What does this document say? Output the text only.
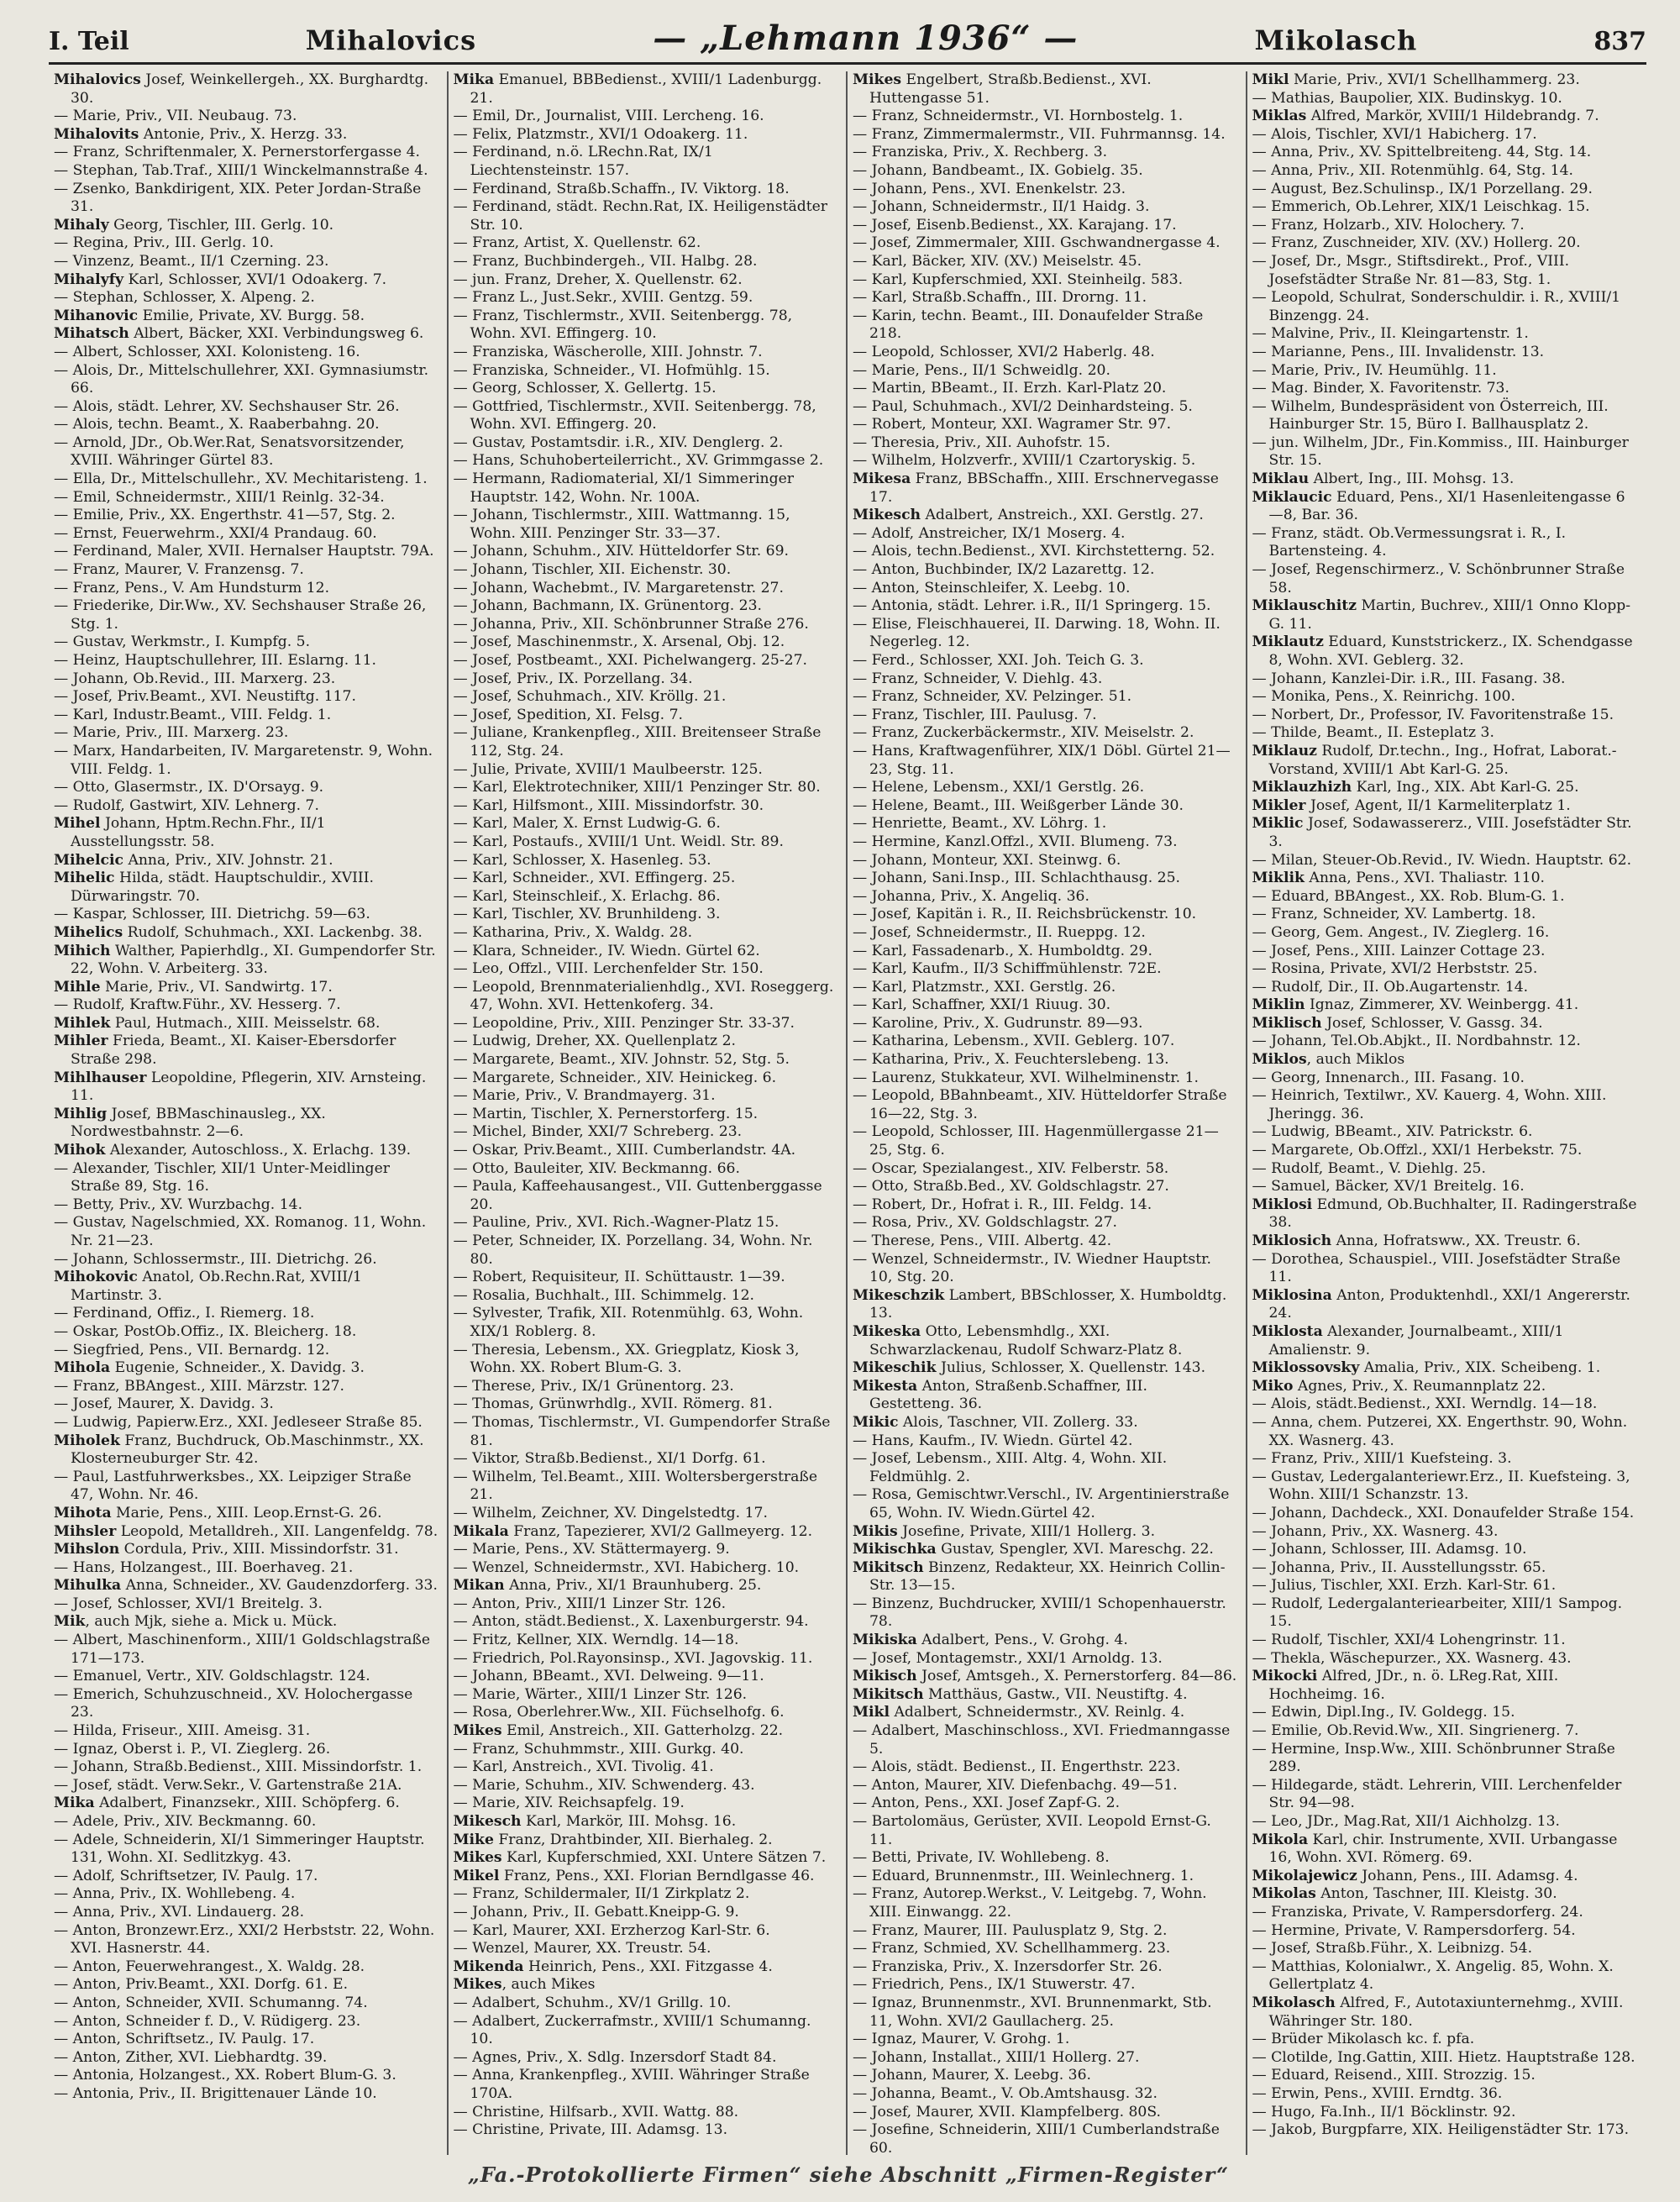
I. Teil	Mihalovics	— „Lehmann 1936“ —	Mikolasch	837

Mihalovics Josef, Weinkellergeh., XX. Burghardtg. 30.

— Marie, Priv., VII. Neubaug. 73.

Mihalovits Antonie, Priv., X. Herzg. 33.

— Franz, Schriftenmaler, X. Pernerstorfergasse 4.

— Stephan, Tab.Traf., XIII/1 Winckelmannstraße 4.

— Zsenko, Bankdirigent, XIX. Peter Jordan-Straße 31.

Mihaly Georg, Tischler, III. Gerlg. 10.

— Regina, Priv., III. Gerlg. 10.

— Vinzenz, Beamt., II/1 Czerning. 23.

Mihalyfy Karl, Schlosser, XVI/1 Odoakerg. 7.

— Stephan, Schlosser, X. Alpeng. 2.

Mihanovic Emilie, Private, XV. Burgg. 58.

Mihatsch Albert, Bäcker, XXI. Verbindungsweg 6.

— Albert, Schlosser, XXI. Kolonisteng. 16.

— Alois, Dr., Mittelschullehrer, XXI. Gymnasiumstr. 66.

— Alois, städt. Lehrer, XV. Sechshauser Str. 26.

— Alois, techn. Beamt., X. Raaberbahng. 20.

— Arnold, JDr., Ob.Wer.Rat, Senatsvorsitzender, XVIII. Währinger Gürtel 83.

— Ella, Dr., Mittelschullehr., XV. Mechitaristeng. 1.

— Emil, Schneidermstr., XIII/1 Reinlg. 32-34.

— Emilie, Priv., XX. Engerthstr. 41—57, Stg. 2.

— Ernst, Feuerwehrm., XXI/4 Prandaug. 60.

— Ferdinand, Maler, XVII. Hernalser Hauptstr. 79A.

— Franz, Maurer, V. Franzensg. 7.

— Franz, Pens., V. Am Hundsturm 12.

— Friederike, Dir.Ww., XV. Sechshauser Straße 26, Stg. 1.

— Gustav, Werkmstr., I. Kumpfg. 5.

— Heinz, Hauptschullehrer, III. Eslarng. 11.

— Johann, Ob.Revid., III. Marxerg. 23.

— Josef, Priv.Beamt., XVI. Neustiftg. 117.

— Karl, Industr.Beamt., VIII. Feldg. 1.

— Marie, Priv., III. Marxerg. 23.

— Marx, Handarbeiten, IV. Margaretenstr. 9, Wohn. VIII. Feldg. 1.

— Otto, Glasermstr., IX. D'Orsayg. 9.

— Rudolf, Gastwirt, XIV. Lehnerg. 7.

Mihel Johann, Hptm.Rechn.Fhr., II/1 Ausstellungsstr. 58.

Mihelcic Anna, Priv., XIV. Johnstr. 21.

Mihelic Hilda, städt. Hauptschuldir., XVIII. Dürwaringstr. 70.

— Kaspar, Schlosser, III. Dietrichg. 59—63.

Mihelics Rudolf, Schuhmach., XXI. Lackenbg. 38.

Mihich Walther, Papierhdlg., XI. Gumpendorfer Str. 22, Wohn. V. Arbeiterg. 33.

Mihle Marie, Priv., VI. Sandwirtg. 17.

— Rudolf, Kraftw.Führ., XV. Hesserg. 7.

Mihlek Paul, Hutmach., XIII. Meisselstr. 68.

Mihler Frieda, Beamt., XI. Kaiser-Ebersdorfer Straße 298.

Mihlhauser Leopoldine, Pflegerin, XIV. Arnsteing. 11.

Mihlig Josef, BBMaschinausleg., XX. Nordwestbahnstr. 2—6.

Mihok Alexander, Autoschloss., X. Erlachg. 139.

— Alexander, Tischler, XII/1 Unter-Meidlinger Straße 89, Stg. 16.

— Betty, Priv., XV. Wurzbachg. 14.

— Gustav, Nagelschmied, XX. Romanog. 11, Wohn. Nr. 21—23.

— Johann, Schlossermstr., III. Dietrichg. 26.

Mihokovic Anatol, Ob.Rechn.Rat, XVIII/1 Martinstr. 3.

— Ferdinand, Offiz., I. Riemerg. 18.

— Oskar, PostOb.Offiz., IX. Bleicherg. 18.

— Siegfried, Pens., VII. Bernardg. 12.

Mihola Eugenie, Schneider., X. Davidg. 3.

— Franz, BBAngest., XIII. Märzstr. 127.

— Josef, Maurer, X. Davidg. 3.

— Ludwig, Papierw.Erz., XXI. Jedleseer Straße 85.

Miholek Franz, Buchdruck, Ob.Maschinmstr., XX. Klosterneuburger Str. 42.

— Paul, Lastfuhrwerksbes., XX. Leipziger Straße 47, Wohn. Nr. 46.

Mihota Marie, Pens., XIII. Leop.Ernst-G. 26.

Mihsler Leopold, Metalldreh., XII. Langenfeldg. 78.

Mihslon Cordula, Priv., XIII. Missindorfstr. 31.

— Hans, Holzangest., III. Boerhaveg. 21.

Mihulka Anna, Schneider., XV. Gaudenzdorferg. 33.

— Josef, Schlosser, XVI/1 Breitelg. 3.

Mik, auch Mjk, siehe a. Mick u. Mück.

— Albert, Maschinenform., XIII/1 Goldschlagstraße 171—173.

— Emanuel, Vertr., XIV. Goldschlagstr. 124.

— Emerich, Schuhzuschneid., XV. Holochergasse 23.

— Hilda, Friseur., XIII. Ameisg. 31.

— Ignaz, Oberst i. P., VI. Zieglerg. 26.

— Johann, Straßb.Bedienst., XIII. Missindorfstr. 1.

— Josef, städt. Verw.Sekr., V. Gartenstraße 21A.

Mika Adalbert, Finanzsekr., XIII. Schöpferg. 6.

— Adele, Priv., XIV. Beckmanng. 60.

— Adele, Schneiderin, XI/1 Simmeringer Hauptstr. 131, Wohn. XI. Sedlitzkyg. 43.

— Adolf, Schriftsetzer, IV. Paulg. 17.

— Anna, Priv., IX. Wohllebeng. 4.

— Anna, Priv., XVI. Lindauerg. 28.

— Anton, Bronzewr.Erz., XXI/2 Herbststr. 22, Wohn. XVI. Hasnerstr. 44.

— Anton, Feuerwehrangest., X. Waldg. 28.

— Anton, Priv.Beamt., XXI. Dorfg. 61. E.

— Anton, Schneider, XVII. Schumanng. 74.

— Anton, Schneider f. D., V. Rüdigerg. 23.

— Anton, Schriftsetz., IV. Paulg. 17.

— Anton, Zither, XVI. Liebhardtg. 39.

— Antonia, Holzangest., XX. Robert Blum-G. 3.

— Antonia, Priv., II. Brigittenauer Lände 10.

Mika Emanuel, BBBedienst., XVIII/1 Ladenburgg. 21.

— Emil, Dr., Journalist, VIII. Lercheng. 16.

— Felix, Platzmstr., XVI/1 Odoakerg. 11.

— Ferdinand, n.ö. LRechn.Rat, IX/1 Liechtensteinstr. 157.

— Ferdinand, Straßb.Schaffn., IV. Viktorg. 18.

— Ferdinand, städt. Rechn.Rat, IX. Heiligenstädter Str. 10.

— Franz, Artist, X. Quellenstr. 62.

— Franz, Buchbindergeh., VII. Halbg. 28.

— jun. Franz, Dreher, X. Quellenstr. 62.

— Franz L., Just.Sekr., XVIII. Gentzg. 59.

— Franz, Tischlermstr., XVII. Seitenbergg. 78, Wohn. XVI. Effingerg. 10.

— Franziska, Wäscherolle, XIII. Johnstr. 7.

— Franziska, Schneider., VI. Hofmühlg. 15.

— Georg, Schlosser, X. Gellertg. 15.

— Gottfried, Tischlermstr., XVII. Seitenbergg. 78, Wohn. XVI. Effingerg. 20.

— Gustav, Postamtsdir. i.R., XIV. Denglerg. 2.

— Hans, Schuhoberteilerricht., XV. Grimmgasse 2.

— Hermann, Radiomaterial, XI/1 Simmeringer Hauptstr. 142, Wohn. Nr. 100A.

— Johann, Tischlermstr., XIII. Wattmanng. 15, Wohn. XIII. Penzinger Str. 33—37.

— Johann, Schuhm., XIV. Hütteldorfer Str. 69.

— Johann, Tischler, XII. Eichenstr. 30.

— Johann, Wachebmt., IV. Margaretenstr. 27.

— Johann, Bachmann, IX. Grünentorg. 23.

— Johanna, Priv., XII. Schönbrunner Straße 276.

— Josef, Maschinenmstr., X. Arsenal, Obj. 12.

— Josef, Postbeamt., XXI. Pichelwangerg. 25-27.

— Josef, Priv., IX. Porzellang. 34.

— Josef, Schuhmach., XIV. Kröllg. 21.

— Josef, Spedition, XI. Felsg. 7.

— Juliane, Krankenpfleg., XIII. Breitenseer Straße 112, Stg. 24.

— Julie, Private, XVIII/1 Maulbeerstr. 125.

— Karl, Elektrotechniker, XIII/1 Penzinger Str. 80.

— Karl, Hilfsmont., XIII. Missindorfstr. 30.

— Karl, Maler, X. Ernst Ludwig-G. 6.

— Karl, Postaufs., XVIII/1 Unt. Weidl. Str. 89.

— Karl, Schlosser, X. Hasenleg. 53.

— Karl, Schneider., XVI. Effingerg. 25.

— Karl, Steinschleif., X. Erlachg. 86.

— Karl, Tischler, XV. Brunhildeng. 3.

— Katharina, Priv., X. Waldg. 28.

— Klara, Schneider., IV. Wiedn. Gürtel 62.

— Leo, Offzl., VIII. Lerchenfelder Str. 150.

— Leopold, Brennmaterialienhdlg., XVI. Roseggerg. 47, Wohn. XVI. Hettenkoferg. 34.

— Leopoldine, Priv., XIII. Penzinger Str. 33-37.

— Ludwig, Dreher, XX. Quellenplatz 2.

— Margarete, Beamt., XIV. Johnstr. 52, Stg. 5.

— Margarete, Schneider., XIV. Heinickeg. 6.

— Marie, Priv., V. Brandmayerg. 31.

— Martin, Tischler, X. Pernerstorferg. 15.

— Michel, Binder, XXI/7 Schreberg. 23.

— Oskar, Priv.Beamt., XIII. Cumberlandstr. 4A.

— Otto, Bauleiter, XIV. Beckmanng. 66.

— Paula, Kaffeehausangest., VII. Guttenberggasse 20.

— Pauline, Priv., XVI. Rich.-Wagner-Platz 15.

— Peter, Schneider, IX. Porzellang. 34, Wohn. Nr. 80.

— Robert, Requisiteur, II. Schüttaustr. 1—39.

— Rosalia, Buchhalt., III. Schimmelg. 12.

— Sylvester, Trafik, XII. Rotenmühlg. 63, Wohn. XIX/1 Roblerg. 8.

— Theresia, Lebensm., XX. Griegplatz, Kiosk 3, Wohn. XX. Robert Blum-G. 3.

— Therese, Priv., IX/1 Grünentorg. 23.

— Thomas, Grünwrhdlg., XVII. Römerg. 81.

— Thomas, Tischlermstr., VI. Gumpendorfer Straße 81.

— Viktor, Straßb.Bedienst., XI/1 Dorfg. 61.

— Wilhelm, Tel.Beamt., XIII. Woltersbergerstraße 21.

— Wilhelm, Zeichner, XV. Dingelstedtg. 17.

Mikala Franz, Tapezierer, XVI/2 Gallmeyerg. 12.

— Marie, Pens., XV. Stättermayerg. 9.

— Wenzel, Schneidermstr., XVI. Habicherg. 10.

Mikan Anna, Priv., XI/1 Braunhuberg. 25.

— Anton, Priv., XIII/1 Linzer Str. 126.

— Anton, städt.Bedienst., X. Laxenburgerstr. 94.

— Fritz, Kellner, XIX. Werndlg. 14—18.

— Friedrich, Pol.Rayonsinsp., XVI. Jagovskig. 11.

— Johann, BBeamt., XVI. Delweing. 9—11.

— Marie, Wärter., XIII/1 Linzer Str. 126.

— Rosa, Oberlehrer.Ww., XII. Füchselhofg. 6.

Mikes Emil, Anstreich., XII. Gatterholzg. 22.

— Franz, Schuhmmstr., XIII. Gurkg. 40.

— Karl, Anstreich., XVI. Tivolig. 41.

— Marie, Schuhm., XIV. Schwenderg. 43.

— Marie, XIV. Reichsapfelg. 19.

Mikesch Karl, Markör, III. Mohsg. 16.

Mike Franz, Drahtbinder, XII. Bierhaleg. 2.

Mikes Karl, Kupferschmied, XXI. Untere Sätzen 7.

Mikel Franz, Pens., XXI. Florian Berndlgasse 46.

— Franz, Schildermaler, II/1 Zirkplatz 2.

— Johann, Priv., II. Gebatt.Kneipp-G. 9.

— Karl, Maurer, XXI. Erzherzog Karl-Str. 6.

— Wenzel, Maurer, XX. Treustr. 54.

Mikenda Heinrich, Pens., XXI. Fitzgasse 4.

Mikes, auch Mikes

— Adalbert, Schuhm., XV/1 Grillg. 10.

— Adalbert, Zuckerrafmstr., XVIII/1 Schumanng. 10.

— Agnes, Priv., X. Sdlg. Inzersdorf Stadt 84.

— Anna, Krankenpfleg., XVIII. Währinger Straße 170A.

— Christine, Hilfsarb., XVII. Wattg. 88.

— Christine, Private, III. Adamsg. 13.

Mikes Engelbert, Straßb.Bedienst., XVI. Huttengasse 51.

— Franz, Schneidermstr., VI. Hornbostelg. 1.

— Franz, Zimmermalermstr., VII. Fuhrmannsg. 14.

— Franziska, Priv., X. Rechberg. 3.

— Johann, Bandbeamt., IX. Gobielg. 35.

— Johann, Pens., XVI. Enenkelstr. 23.

— Johann, Schneidermstr., II/1 Haidg. 3.

— Josef, Eisenb.Bedienst., XX. Karajang. 17.

— Josef, Zimmermaler, XIII. Gschwandnergasse 4.

— Karl, Bäcker, XIV. (XV.) Meiselstr. 45.

— Karl, Kupferschmied, XXI. Steinheilg. 583.

— Karl, Straßb.Schaffn., III. Drorng. 11.

— Karin, techn. Beamt., III. Donaufelder Straße 218.

— Leopold, Schlosser, XVI/2 Haberlg. 48.

— Marie, Pens., II/1 Schweidlg. 20.

— Martin, BBeamt., II. Erzh. Karl-Platz 20.

— Paul, Schuhmach., XVI/2 Deinhardsteing. 5.

— Robert, Monteur, XXI. Wagramer Str. 97.

— Theresia, Priv., XII. Auhofstr. 15.

— Wilhelm, Holzverfr., XVIII/1 Czartoryskig. 5.

Mikesa Franz, BBSchaffn., XIII. Erschnervegasse 17.

Mikesch Adalbert, Anstreich., XXI. Gerstlg. 27.

— Adolf, Anstreicher, IX/1 Moserg. 4.

— Alois, techn.Bedienst., XVI. Kirchstetterng. 52.

— Anton, Buchbinder, IX/2 Lazarettg. 12.

— Anton, Steinschleifer, X. Leebg. 10.

— Antonia, städt. Lehrer. i.R., II/1 Springerg. 15.

— Elise, Fleischhauerei, II. Darwing. 18, Wohn. II. Negerleg. 12.

— Ferd., Schlosser, XXI. Joh. Teich G. 3.

— Franz, Schneider, V. Diehlg. 43.

— Franz, Schneider, XV. Pelzinger. 51.

— Franz, Tischler, III. Paulusg. 7.

— Franz, Zuckerbäckermstr., XIV. Meiselstr. 2.

— Hans, Kraftwagenführer, XIX/1 Döbl. Gürtel 21—23, Stg. 11.

— Helene, Lebensm., XXI/1 Gerstlg. 26.

— Helene, Beamt., III. Weißgerber Lände 30.

— Henriette, Beamt., XV. Löhrg. 1.

— Hermine, Kanzl.Offzl., XVII. Blumeng. 73.

— Johann, Monteur, XXI. Steinwg. 6.

— Johann, Sani.Insp., III. Schlachthausg. 25.

— Johanna, Priv., X. Angeliq. 36.

— Josef, Kapitän i. R., II. Reichsbrückenstr. 10.

— Josef, Schneidermstr., II. Rueppg. 12.

— Karl, Fassadenarb., X. Humboldtg. 29.

— Karl, Kaufm., II/3 Schiffmühlenstr. 72E.

— Karl, Platzmstr., XXI. Gerstlg. 26.

— Karl, Schaffner, XXI/1 Riuug. 30.

— Karoline, Priv., X. Gudrunstr. 89—93.

— Katharina, Lebensm., XVII. Geblerg. 107.

— Katharina, Priv., X. Feuchterslebeng. 13.

— Laurenz, Stukkateur, XVI. Wilhelminenstr. 1.

— Leopold, BBahnbeamt., XIV. Hütteldorfer Straße 16—22, Stg. 3.

— Leopold, Schlosser, III. Hagenmüllergasse 21—25, Stg. 6.

— Oscar, Spezialangest., XIV. Felberstr. 58.

— Otto, Straßb.Bed., XV. Goldschlagstr. 27.

— Robert, Dr., Hofrat i. R., III. Feldg. 14.

— Rosa, Priv., XV. Goldschlagstr. 27.

— Therese, Pens., VIII. Albertg. 42.

— Wenzel, Schneidermstr., IV. Wiedner Hauptstr. 10, Stg. 20.

Mikeschzik Lambert, BBSchlosser, X. Humboldtg. 13.

Mikeska Otto, Lebensmhdlg., XXI. Schwarzlackenau, Rudolf Schwarz-Platz 8.

Mikeschik Julius, Schlosser, X. Quellenstr. 143.

Mikesta Anton, Straßenb.Schaffner, III. Gestetteng. 36.

Mikic Alois, Taschner, VII. Zollerg. 33.

— Hans, Kaufm., IV. Wiedn. Gürtel 42.

— Josef, Lebensm., XIII. Altg. 4, Wohn. XII. Feldmühlg. 2.

— Rosa, Gemischtwr.Verschl., IV. Argentinierstraße 65, Wohn. IV. Wiedn.Gürtel 42.

Mikis Josefine, Private, XIII/1 Hollerg. 3.

Mikischka Gustav, Spengler, XVI. Mareschg. 22.

Mikitsch Binzenz, Redakteur, XX. Heinrich Collin-Str. 13—15.

— Binzenz, Buchdrucker, XVIII/1 Schopenhauerstr. 78.

Mikiska Adalbert, Pens., V. Grohg. 4.

— Josef, Montagemstr., XXI/1 Arnoldg. 13.

Mikisch Josef, Amtsgeh., X. Pernerstorferg. 84—86.

Mikitsch Matthäus, Gastw., VII. Neustiftg. 4.

Mikl Adalbert, Schneidermstr., XV. Reinlg. 4.

— Adalbert, Maschinschloss., XVI. Friedmanngasse 5.

— Alois, städt. Bedienst., II. Engerthstr. 223.

— Anton, Maurer, XIV. Diefenbachg. 49—51.

— Anton, Pens., XXI. Josef Zapf-G. 2.

— Bartolomäus, Gerüster, XVII. Leopold Ernst-G. 11.

— Betti, Private, IV. Wohllebeng. 8.

— Eduard, Brunnenmstr., III. Weinlechnerg. 1.

— Franz, Autorep.Werkst., V. Leitgebg. 7, Wohn. XIII. Einwangg. 22.

— Franz, Maurer, III. Paulusplatz 9, Stg. 2.

— Franz, Schmied, XV. Schellhammerg. 23.

— Franziska, Priv., X. Inzersdorfer Str. 26.

— Friedrich, Pens., IX/1 Stuwerstr. 47.

— Ignaz, Brunnenmstr., XVI. Brunnenmarkt, Stb. 11, Wohn. XVI/2 Gaullacherg. 25.

— Ignaz, Maurer, V. Grohg. 1.

— Johann, Installat., XIII/1 Hollerg. 27.

— Johann, Maurer, X. Leebg. 36.

— Johanna, Beamt., V. Ob.Amtshausg. 32.

— Josef, Maurer, XVII. Klampfelberg. 80S.

— Josefine, Schneiderin, XIII/1 Cumberlandstraße 60.

Mikl Marie, Priv., XVI/1 Schellhammerg. 23.

— Mathias, Baupolier, XIX. Budinskyg. 10.

Miklas Alfred, Markör, XVIII/1 Hildebrandg. 7.

— Alois, Tischler, XVI/1 Habicherg. 17.

— Anna, Priv., XV. Spittelbreiteng. 44, Stg. 14.

— Anna, Priv., XII. Rotenmühlg. 64, Stg. 14.

— August, Bez.Schulinsp., IX/1 Porzellang. 29.

— Emmerich, Ob.Lehrer, XIX/1 Leischkag. 15.

— Franz, Holzarb., XIV. Holochery. 7.

— Franz, Zuschneider, XIV. (XV.) Hollerg. 20.

— Josef, Dr., Msgr., Stiftsdirekt., Prof., VIII. Josefstädter Straße Nr. 81—83, Stg. 1.

— Leopold, Schulrat, Sonderschuldir. i. R., XVIII/1 Binzengg. 24.

— Malvine, Priv., II. Kleingartenstr. 1.

— Marianne, Pens., III. Invalidenstr. 13.

— Marie, Priv., IV. Heumühlg. 11.

— Mag. Binder, X. Favoritenstr. 73.

— Wilhelm, Bundespräsident von Österreich, III. Hainburger Str. 15, Büro I. Ballhausplatz 2.

— jun. Wilhelm, JDr., Fin.Kommiss., III. Hainburger Str. 15.

Miklau Albert, Ing., III. Mohsg. 13.

Miklaucic Eduard, Pens., XI/1 Hasenleitengasse 6—8, Bar. 36.

— Franz, städt. Ob.Vermessungsrat i. R., I. Bartensteing. 4.

— Josef, Regenschirmerz., V. Schönbrunner Straße 58.

Miklauschitz Martin, Buchrev., XIII/1 Onno Klopp-G. 11.

Miklautz Eduard, Kunststrickerz., IX. Schendgasse 8, Wohn. XVI. Geblerg. 32.

— Johann, Kanzlei-Dir. i.R., III. Fasang. 38.

— Monika, Pens., X. Reinrichg. 100.

— Norbert, Dr., Professor, IV. Favoritenstraße 15.

— Thilde, Beamt., II. Esteplatz 3.

Miklauz Rudolf, Dr.techn., Ing., Hofrat, Laborat.-Vorstand, XVIII/1 Abt Karl-G. 25.

Miklauzhizh Karl, Ing., XIX. Abt Karl-G. 25.

Mikler Josef, Agent, II/1 Karmeliterplatz 1.

Miklic Josef, Sodawassererz., VIII. Josefstädter Str. 3.

— Milan, Steuer-Ob.Revid., IV. Wiedn. Hauptstr. 62.

Miklik Anna, Pens., XVI. Thaliastr. 110.

— Eduard, BBAngest., XX. Rob. Blum-G. 1.

— Franz, Schneider, XV. Lambertg. 18.

— Georg, Gem. Angest., IV. Zieglerg. 16.

— Josef, Pens., XIII. Lainzer Cottage 23.

— Rosina, Private, XVI/2 Herbststr. 25.

— Rudolf, Dir., II. Ob.Augartenstr. 14.

Miklin Ignaz, Zimmerer, XV. Weinbergg. 41.

Miklisch Josef, Schlosser, V. Gassg. 34.

— Johann, Tel.Ob.Abjkt., II. Nordbahnstr. 12.

Miklos, auch Miklos

— Georg, Innenarch., III. Fasang. 10.

— Heinrich, Textilwr., XV. Kauerg. 4, Wohn. XIII. Jheringg. 36.

— Ludwig, BBeamt., XIV. Patrickstr. 6.

— Margarete, Ob.Offzl., XXI/1 Herbekstr. 75.

— Rudolf, Beamt., V. Diehlg. 25.

— Samuel, Bäcker, XV/1 Breitelg. 16.

Miklosi Edmund, Ob.Buchhalter, II. Radingerstraße 38.

Miklosich Anna, Hofratsww., XX. Treustr. 6.

— Dorothea, Schauspiel., VIII. Josefstädter Straße 11.

Miklosina Anton, Produktenhdl., XXI/1 Angererstr. 24.

Miklosta Alexander, Journalbeamt., XIII/1 Amalienstr. 9.

Miklossovsky Amalia, Priv., XIX. Scheibeng. 1.

Miko Agnes, Priv., X. Reumannplatz 22.

— Alois, städt.Bedienst., XXI. Werndlg. 14—18.

— Anna, chem. Putzerei, XX. Engerthstr. 90, Wohn. XX. Wasnerg. 43.

— Franz, Priv., XIII/1 Kuefsteing. 3.

— Gustav, Ledergalanteriewr.Erz., II. Kuefsteing. 3, Wohn. XIII/1 Schanzstr. 13.

— Johann, Dachdeck., XXI. Donaufelder Straße 154.

— Johann, Priv., XX. Wasnerg. 43.

— Johann, Schlosser, III. Adamsg. 10.

— Johanna, Priv., II. Ausstellungsstr. 65.

— Julius, Tischler, XXI. Erzh. Karl-Str. 61.

— Rudolf, Ledergalanteriearbeiter, XIII/1 Sampog. 15.

— Rudolf, Tischler, XXI/4 Lohengrinstr. 11.

— Thekla, Wäschepurzer., XX. Wasnerg. 43.

Mikocki Alfred, JDr., n. ö. LReg.Rat, XIII. Hochheimg. 16.

— Edwin, Dipl.Ing., IV. Goldegg. 15.

— Emilie, Ob.Revid.Ww., XII. Singrienerg. 7.

— Hermine, Insp.Ww., XIII. Schönbrunner Straße 289.

— Hildegarde, städt. Lehrerin, VIII. Lerchenfelder Str. 94—98.

— Leo, JDr., Mag.Rat, XII/1 Aichholzg. 13.

Mikola Karl, chir. Instrumente, XVII. Urbangasse 16, Wohn. XVI. Römerg. 69.

Mikolajewicz Johann, Pens., III. Adamsg. 4.

Mikolas Anton, Taschner, III. Kleistg. 30.

— Franziska, Private, V. Rampersdorferg. 24.

— Hermine, Private, V. Rampersdorferg. 54.

— Josef, Straßb.Führ., X. Leibnizg. 54.

— Matthias, Kolonialwr., X. Angelig. 85, Wohn. X. Gellertplatz 4.

Mikolasch Alfred, F., Autotaxiunternehmg., XVIII. Währinger Str. 180.

— Brüder Mikolasch kc. f. pfa.

— Clotilde, Ing.Gattin, XIII. Hietz. Hauptstraße 128.

— Eduard, Reisend., XIII. Strozzig. 15.

— Erwin, Pens., XVIII. Erndtg. 36.

— Hugo, Fa.Inh., II/1 Böcklinstr. 92.

— Jakob, Burgpfarre, XIX. Heiligenstädter Str. 173.

„Fa.-Protokollierte Firmen“ siehe Abschnitt „Firmen-Register“
